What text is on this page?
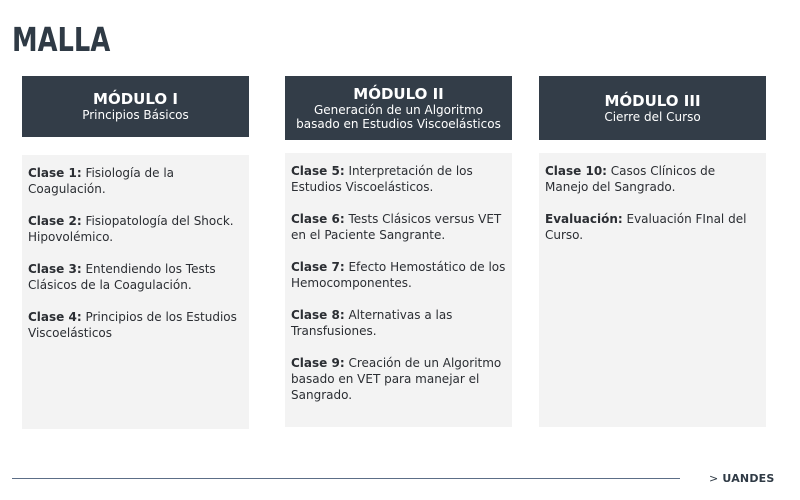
MALLA
MÓDULO I
Principios Básicos
Clase 1: Fisiología de la Coagulación.
Clase 2: Fisiopatología del Shock. Hipovolémico.
Clase 3: Entendiendo los Tests Clásicos de la Coagulación.
Clase 4: Principios de los Estudios Viscoelásticos
MÓDULO II
Generación de un Algoritmo basado en Estudios Viscoelásticos
Clase 5: Interpretación de los Estudios Viscoelásticos.
Clase 6: Tests Clásicos versus VET en el Paciente Sangrante.
Clase 7: Efecto Hemostático de los Hemocomponentes.
Clase 8: Alternativas a las Transfusiones.
Clase 9: Creación de un Algoritmo basado en VET para manejar el Sangrado.
MÓDULO III
Cierre del Curso
Clase 10: Casos Clínicos de Manejo del Sangrado.
Evaluación: Evaluación FInal del Curso.
> UANDES
